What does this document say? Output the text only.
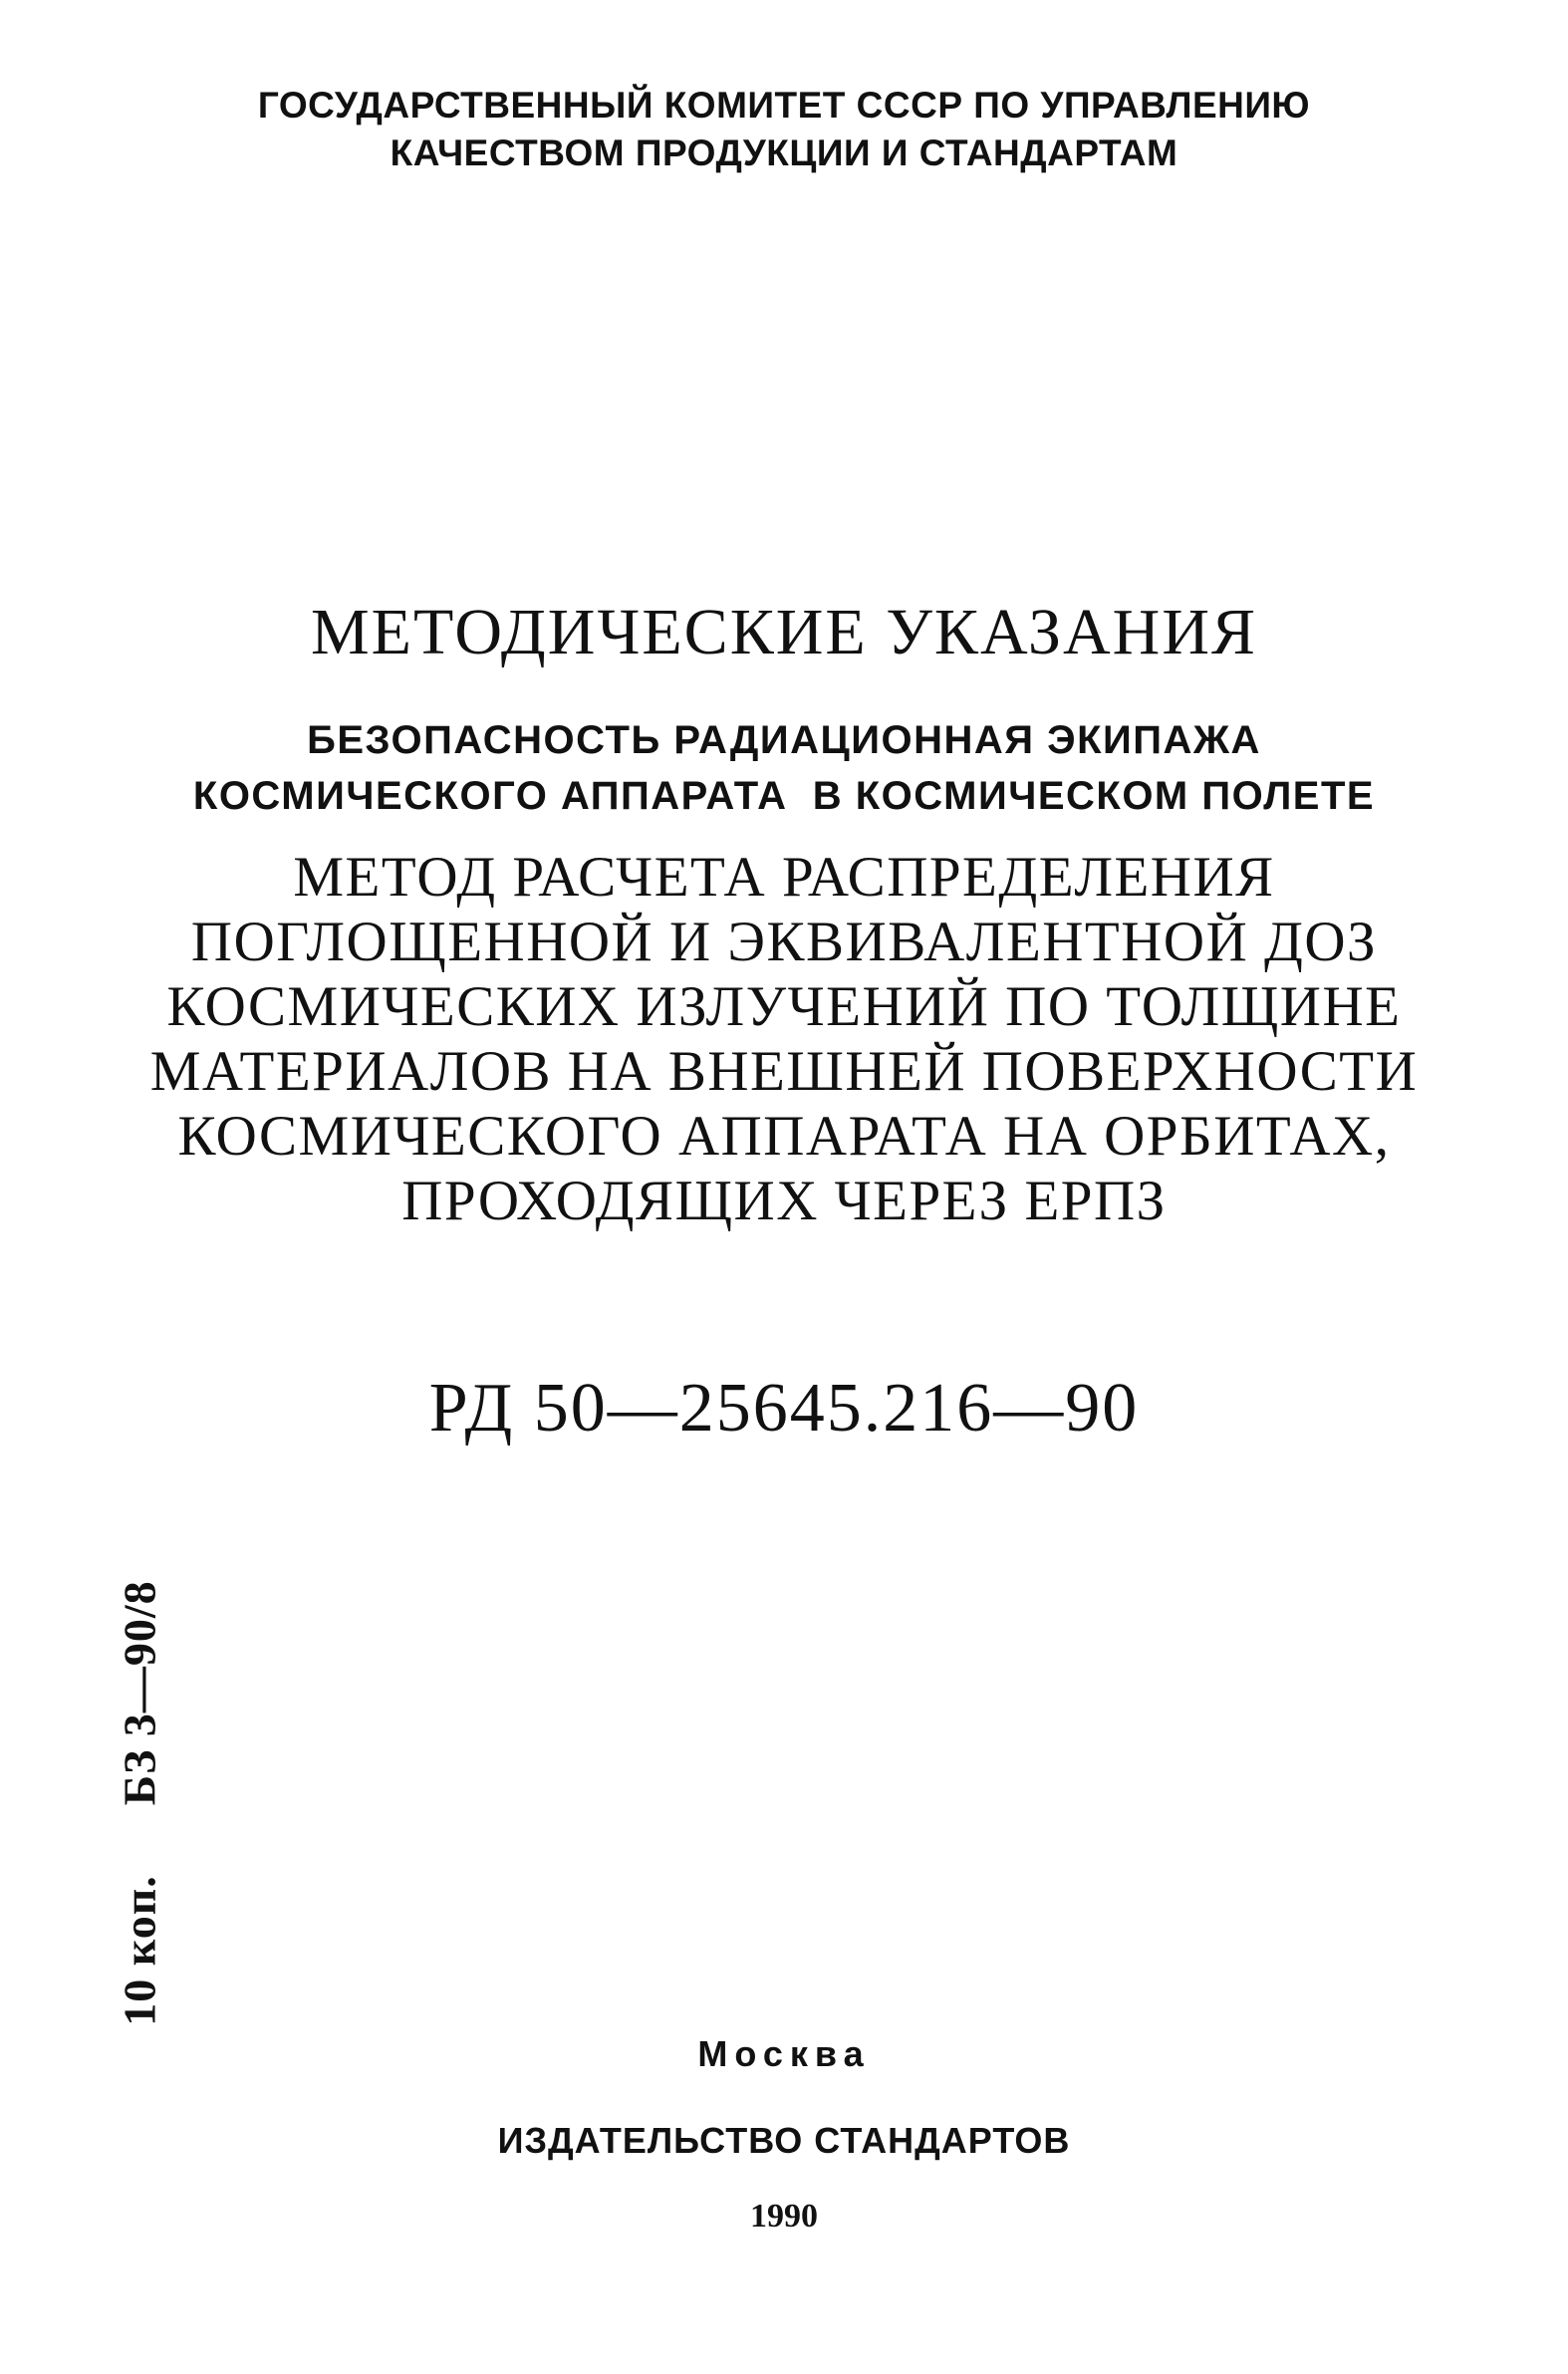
ГОСУДАРСТВЕННЫЙ КОМИТЕТ СССР ПО УПРАВЛЕНИЮ
КАЧЕСТВОМ ПРОДУКЦИИ И СТАНДАРТАМ
МЕТОДИЧЕСКИЕ УКАЗАНИЯ
БЕЗОПАСНОСТЬ РАДИАЦИОННАЯ ЭКИПАЖА
КОСМИЧЕСКОГО АППАРАТА  В КОСМИЧЕСКОМ ПОЛЕТЕ
МЕТОД РАСЧЕТА РАСПРЕДЕЛЕНИЯ
ПОГЛОЩЕННОЙ И ЭКВИВАЛЕНТНОЙ ДОЗ
КОСМИЧЕСКИХ ИЗЛУЧЕНИЙ ПО ТОЛЩИНЕ
МАТЕРИАЛОВ НА ВНЕШНЕЙ ПОВЕРХНОСТИ
КОСМИЧЕСКОГО АППАРАТА НА ОРБИТАХ,
ПРОХОДЯЩИХ ЧЕРЕЗ ЕРПЗ
РД 50—25645.216—90
10 коп.БЗ 3—90/8
Москва
ИЗДАТЕЛЬСТВО СТАНДАРТОВ
1990
